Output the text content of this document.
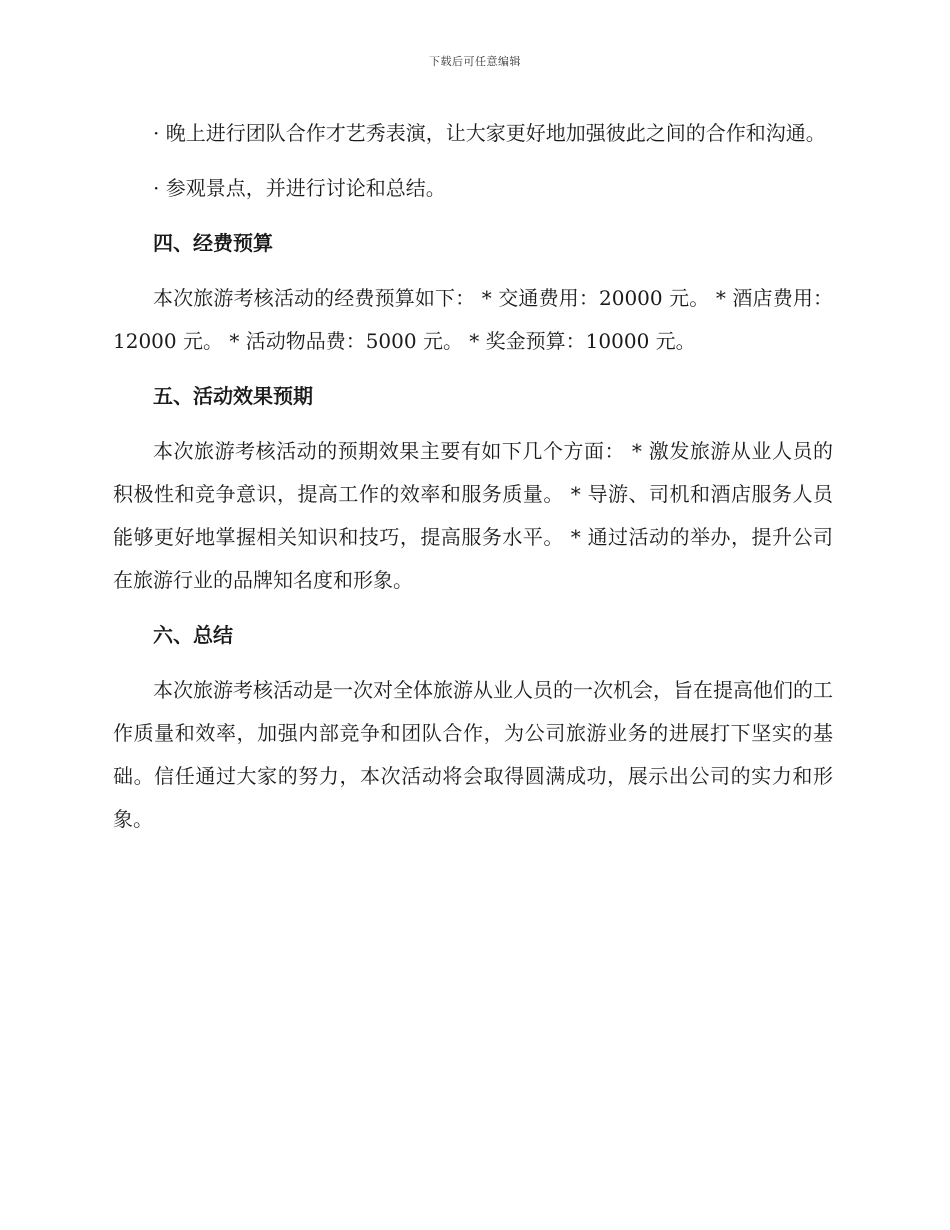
下载后可任意编辑

· 晚上进行团队合作才艺秀表演，让大家更好地加强彼此之间的合作和沟通。

· 参观景点，并进行讨论和总结。

四、经费预算

本次旅游考核活动的经费预算如下： * 交通费用：20000 元。 * 酒店费用：12000 元。 * 活动物品费：5000 元。 * 奖金预算：10000 元。

五、活动效果预期

本次旅游考核活动的预期效果主要有如下几个方面： * 激发旅游从业人员的积极性和竞争意识，提高工作的效率和服务质量。 * 导游、司机和酒店服务人员能够更好地掌握相关知识和技巧，提高服务水平。 * 通过活动的举办，提升公司在旅游行业的品牌知名度和形象。

六、总结

本次旅游考核活动是一次对全体旅游从业人员的一次机会，旨在提高他们的工作质量和效率，加强内部竞争和团队合作，为公司旅游业务的进展打下坚实的基础。信任通过大家的努力，本次活动将会取得圆满成功，展示出公司的实力和形象。
